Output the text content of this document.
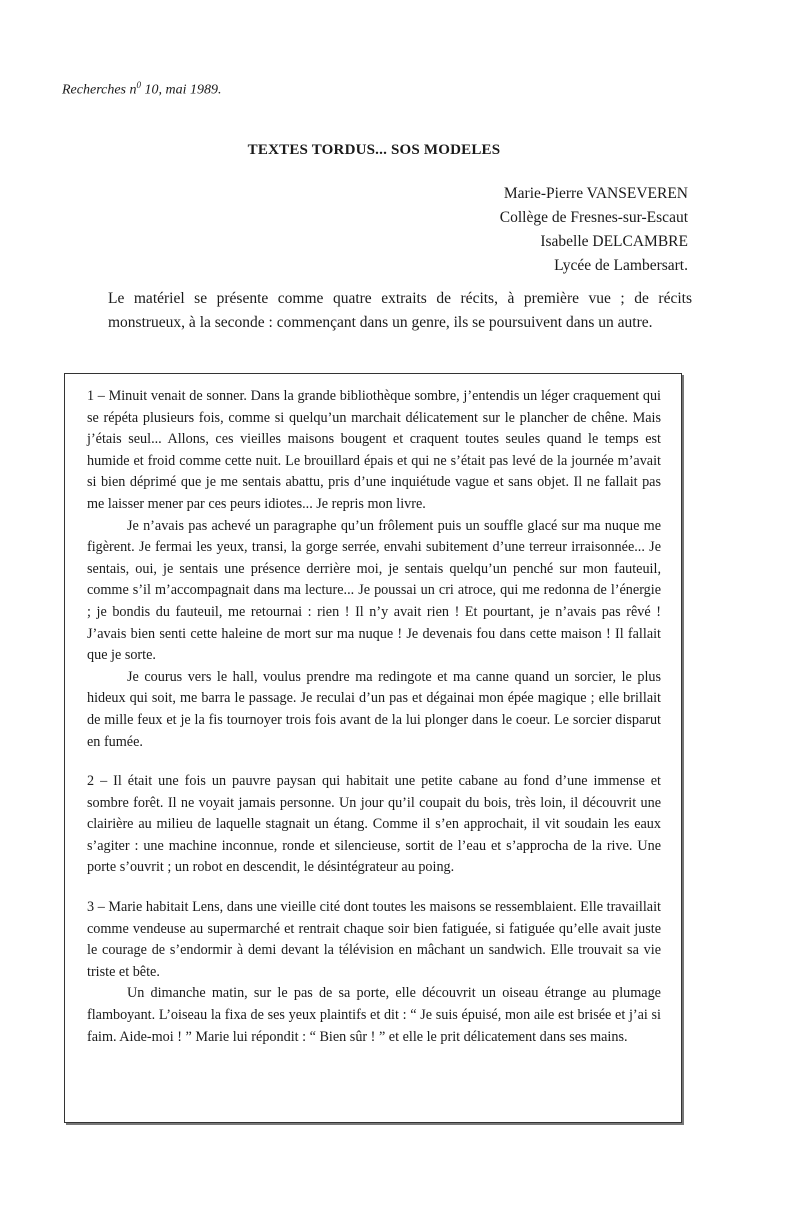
Recherches $n^0$ 10, mai 1989.
TEXTES TORDUS... SOS MODELES
Marie-Pierre VANSEVEREN
Collège de Fresnes-sur-Escaut
Isabelle DELCAMBRE
Lycée de Lambersart.

Le matériel se présente comme quatre extraits de récits, à première vue ; de récits monstrueux, à la seconde : commençant dans un genre, ils se poursuivent dans un autre.

1 – Minuit venait de sonner. Dans la grande bibliothèque sombre, j’entendis un léger craquement qui se répéta plusieurs fois, comme si quelqu’un marchait délicatement sur le plancher de chêne. Mais j’étais seul... Allons, ces vieilles maisons bougent et craquent toutes seules quand le temps est humide et froid comme cette nuit. Le brouillard épais et qui ne s’était pas levé de la journée m’avait si bien déprimé que je me sentais abattu, pris d’une inquiétude vague et sans objet. Il ne fallait pas me laisser mener par ces peurs idiotes... Je repris mon livre.

Je n’avais pas achevé un paragraphe qu’un frôlement puis un souffle glacé sur ma nuque me figèrent. Je fermai les yeux, transi, la gorge serrée, envahi subitement d’une terreur irraisonnée... Je sentais, oui, je sentais une présence derrière moi, je sentais quelqu’un penché sur mon fauteuil, comme s’il m’accompagnait dans ma lecture... Je poussai un cri atroce, qui me redonna de l’énergie ; je bondis du fauteuil, me retournai : rien ! Il n’y avait rien ! Et pourtant, je n’avais pas rêvé ! J’avais bien senti cette haleine de mort sur ma nuque ! Je devenais fou dans cette maison ! Il fallait que je sorte.

Je courus vers le hall, voulus prendre ma redingote et ma canne quand un sorcier, le plus hideux qui soit, me barra le passage. Je reculai d’un pas et dégainai mon épée magique ; elle brillait de mille feux et je la fis tournoyer trois fois avant de la lui plonger dans le coeur. Le sorcier disparut en fumée.

2 – Il était une fois un pauvre paysan qui habitait une petite cabane au fond d’une immense et sombre forêt. Il ne voyait jamais personne. Un jour qu’il coupait du bois, très loin, il découvrit une clairière au milieu de laquelle stagnait un étang. Comme il s’en approchait, il vit soudain les eaux s’agiter : une machine inconnue, ronde et silencieuse, sortit de l’eau et s’approcha de la rive. Une porte s’ouvrit ; un robot en descendit, le désintégrateur au poing.

3 – Marie habitait Lens, dans une vieille cité dont toutes les maisons se ressemblaient. Elle travaillait comme vendeuse au supermarché et rentrait chaque soir bien fatiguée, si fatiguée qu’elle avait juste le courage de s’endormir à demi devant la télévision en mâchant un sandwich. Elle trouvait sa vie triste et bête.

Un dimanche matin, sur le pas de sa porte, elle découvrit un oiseau étrange au plumage flamboyant. L’oiseau la fixa de ses yeux plaintifs et dit : “ Je suis épuisé, mon aile est brisée et j’ai si faim. Aide-moi ! ” Marie lui répondit : “ Bien sûr ! ” et elle le prit délicatement dans ses mains.
